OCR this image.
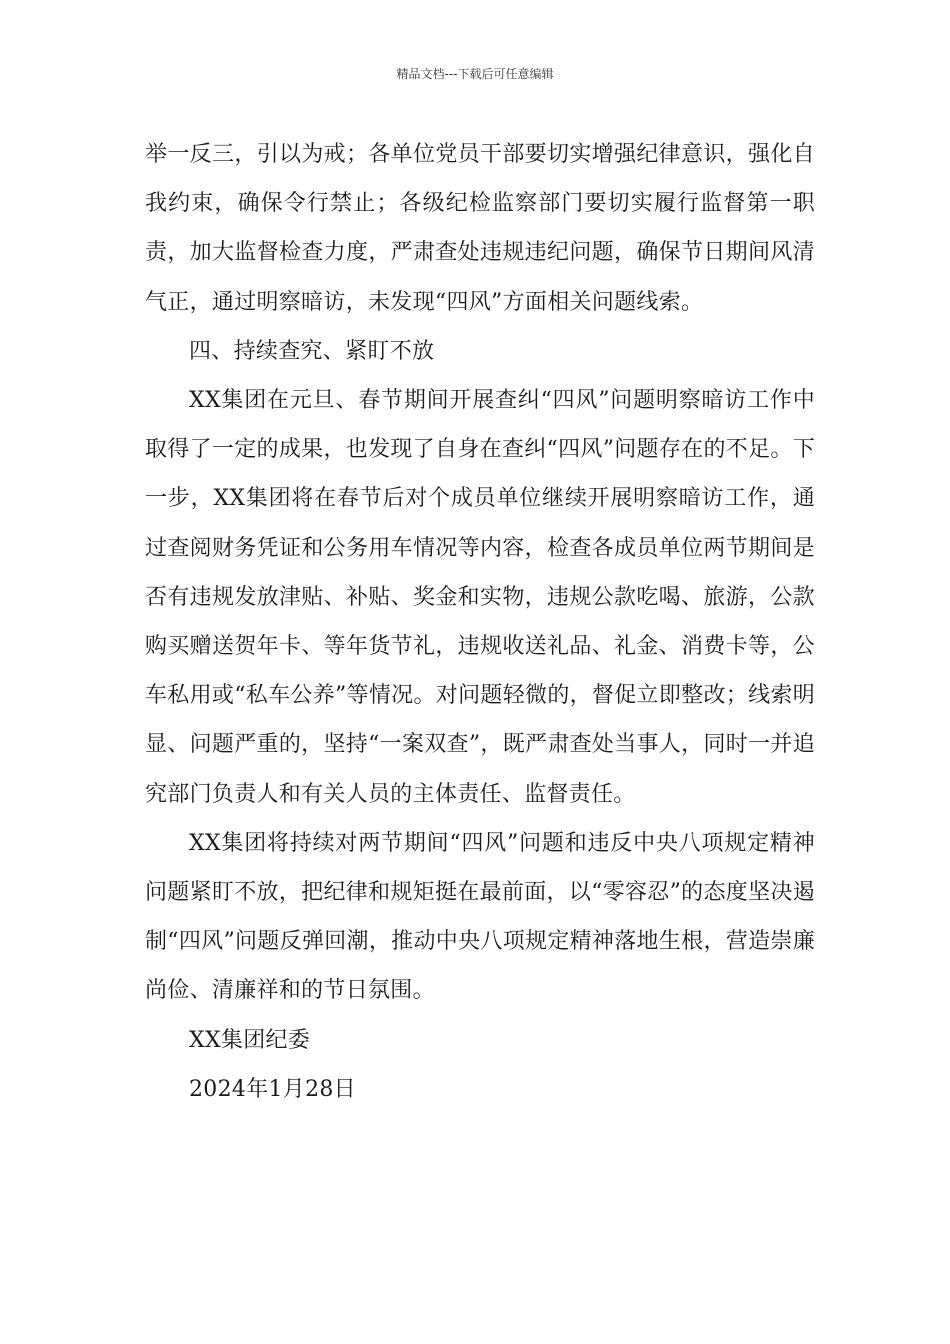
精品文档---下载后可任意编辑

举一反三，引以为戒；各单位党员干部要切实增强纪律意识，强化自我约束，确保令行禁止；各级纪检监察部门要切实履行监督第一职责，加大监督检查力度，严肃查处违规违纪问题，确保节日期间风清气正，通过明察暗访，未发现“四风”方面相关问题线索。

四、持续查究、紧盯不放

XX集团在元旦、春节期间开展查纠“四风”问题明察暗访工作中取得了一定的成果，也发现了自身在查纠“四风”问题存在的不足。下一步，XX集团将在春节后对个成员单位继续开展明察暗访工作，通过查阅财务凭证和公务用车情况等内容，检查各成员单位两节期间是否有违规发放津贴、补贴、奖金和实物，违规公款吃喝、旅游，公款购买赠送贺年卡、等年货节礼，违规收送礼品、礼金、消费卡等，公车私用或“私车公养”等情况。对问题轻微的，督促立即整改；线索明显、问题严重的，坚持“一案双查”，既严肃查处当事人，同时一并追究部门负责人和有关人员的主体责任、监督责任。

XX集团将持续对两节期间“四风”问题和违反中央八项规定精神问题紧盯不放，把纪律和规矩挺在最前面，以“零容忍”的态度坚决遏制“四风”问题反弹回潮，推动中央八项规定精神落地生根，营造崇廉尚俭、清廉祥和的节日氛围。

XX集团纪委

2024年1月28日
